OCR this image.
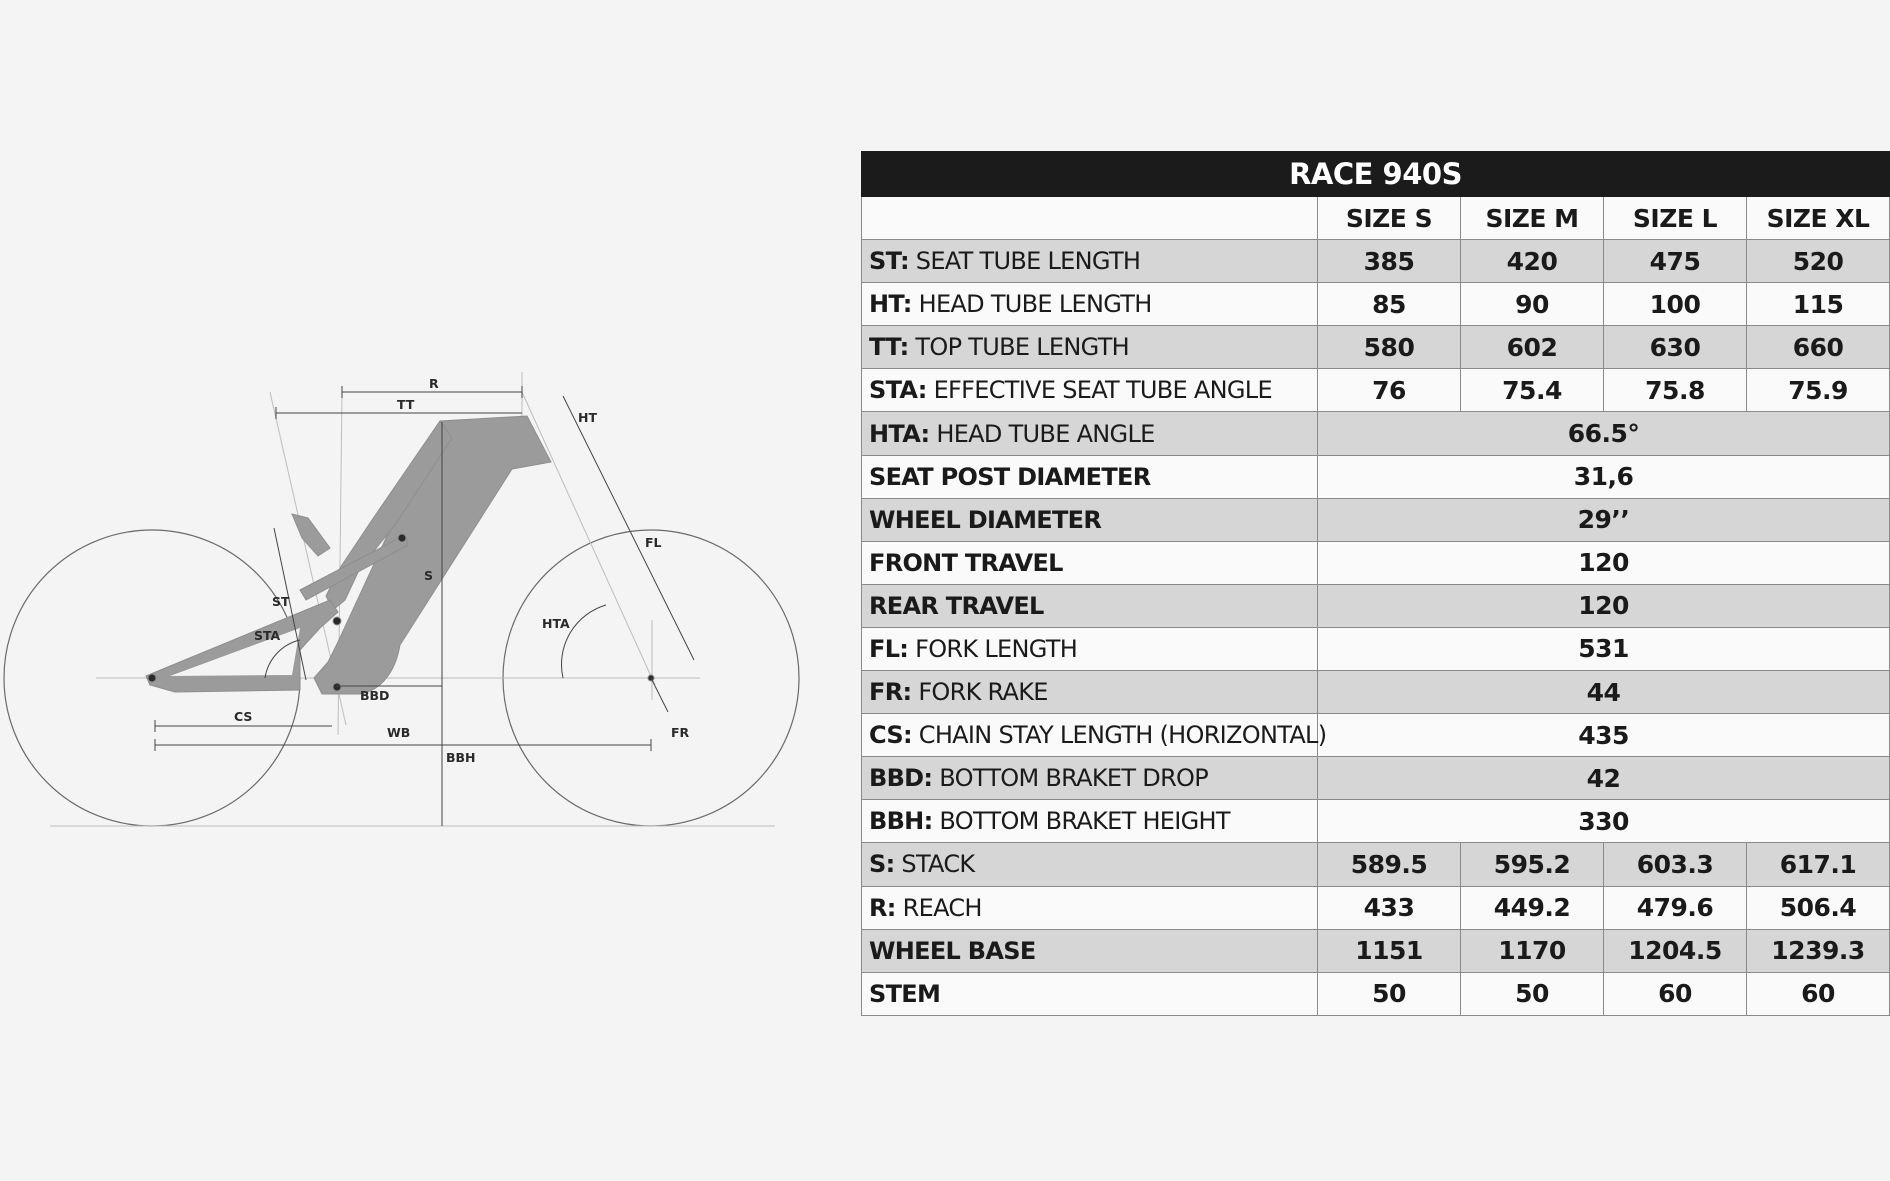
R
TT
HT
S
FL
ST
STA
HTA
BBD
CS
WB	FR
BBH
RACE 940S				
	SIZE S	SIZE M	SIZE L	SIZE XL
ST: SEAT TUBE LENGTH	385	420	475	520
HT: HEAD TUBE LENGTH	85	90	100	115
TT: TOP TUBE LENGTH	580	602	630	660
STA: EFFECTIVE SEAT TUBE ANGLE	76	75.4	75.8	75.9
HTA: HEAD TUBE ANGLE	66.5°			
SEAT POST DIAMETER	31,6			
WHEEL DIAMETER	29’’			
FRONT TRAVEL	120			
REAR TRAVEL	120			
FL: FORK LENGTH	531			
FR: FORK RAKE	44			
CS: CHAIN STAY LENGTH (HORIZONTAL)	435			
BBD: BOTTOM BRAKET DROP	42			
BBH: BOTTOM BRAKET HEIGHT	330			
S: STACK	589.5	595.2	603.3	617.1
R: REACH	433	449.2	479.6	506.4
WHEEL BASE	1151	1170	1204.5	1239.3
STEM	50	50	60	60
